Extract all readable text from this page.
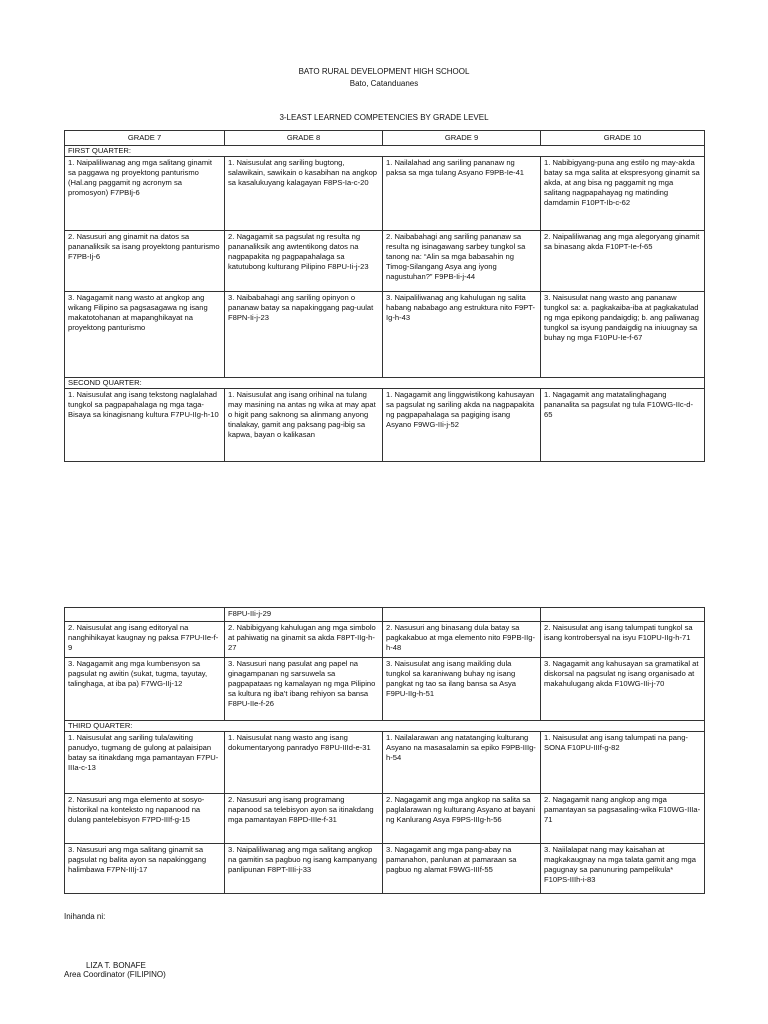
BATO RURAL DEVELOPMENT HIGH SCHOOL
Bato, Catanduanes
3-LEAST LEARNED COMPETENCIES BY GRADE LEVEL
GRADE 7	GRADE 8	GRADE 9	GRADE 10
FIRST QUARTER:			
1. Naipaliliwanag ang mga salitang ginamit sa paggawa ng proyektong panturismo (Hal.ang paggamit ng acronym sa promosyon) F7PBIj-6	1. Naisusulat ang sariling bugtong, salawikain, sawikain o kasabihan na angkop sa kasalukuyang kalagayan F8PS-Ia-c-20	1. Nailalahad ang sariling pananaw ng paksa sa mga tulang Asyano F9PB-Ie-41	1. Nabibigyang-puna ang estilo ng may-akda batay sa mga salita at ekspresyong ginamit sa akda, at ang bisa ng paggamit ng mga salitang nagpapahayag ng matinding damdamin F10PT-Ib-c-62
2. Nasusuri ang ginamit na datos sa pananaliksik sa isang proyektong panturismo F7PB-Ij-6	2. Nagagamit sa pagsulat ng resulta ng pananaliksik ang awtentikong datos na nagpapakita ng pagpapahalaga sa katutubong kulturang Pilipino F8PU-Ii-j-23	2. Naibabahagi ang sariling pananaw sa resulta ng isinagawang sarbey tungkol sa tanong na: “Alin sa mga babasahin ng Timog-Silangang Asya ang iyong nagustuhan?” F9PB-Ii-j-44	2. Naipaliliwanag ang mga alegoryang ginamit sa binasang akda F10PT-Ie-f-65
3. Nagagamit nang wasto at angkop ang wikang Filipino sa pagsasagawa ng isang makatotohanan at mapanghikayat na proyektong panturismo	3. Naibabahagi ang sariling opinyon o pananaw batay sa napakinggang pag-uulat F8PN-Ii-j-23	3. Naipaliliwanag ang kahulugan ng salita habang nababago ang estruktura nito F9PT-Ig-h-43	3. Naisusulat nang wasto ang pananaw tungkol sa: a. pagkakaiba-iba at pagkakatulad ng mga epikong pandaigdig; b. ang paliwanag tungkol sa isyung pandaigdig na iniuugnay sa buhay ng mga F10PU-Ie-f-67
SECOND QUARTER:			
1. Naisusulat ang isang tekstong naglalahad tungkol sa pagpapahalaga ng mga taga-Bisaya sa kinagisnang kultura F7PU-IIg-h-10	1. Naisusulat ang isang orihinal na tulang may masining na antas ng wika at may apat o higit pang saknong sa alinmang anyong tinalakay, gamit ang paksang pag-ibig sa kapwa, bayan o kalikasan	1. Nagagamit ang linggwistikong kahusayan sa pagsulat ng sariling akda na nagpapakita ng pagpapahalaga sa pagiging isang Asyano F9WG-IIi-j-52	1. Nagagamit ang matatalinghagang pananalita sa pagsulat ng tula F10WG-IIc-d-65
	F8PU-IIi-j-29		
2. Naisusulat ang isang editoryal na nanghihikayat kaugnay ng paksa F7PU-IIe-f-9	2. Nabibigyang kahulugan ang mga simbolo at pahiwatig na ginamit sa akda F8PT-IIg-h-27	2. Nasusuri ang binasang dula batay sa pagkakabuo at mga elemento nito F9PB-IIg-h-48	2. Naisusulat ang isang talumpati tungkol sa isang kontrobersyal na isyu F10PU-IIg-h-71
3. Nagagamit ang mga kumbensyon sa pagsulat ng awitin (sukat, tugma, tayutay, talinghaga, at iba pa) F7WG-IIj-12	3. Nasusuri nang pasulat ang papel na ginagampanan ng sarsuwela sa pagpapataas ng kamalayan ng mga Pilipino sa kultura ng iba’t ibang rehiyon sa bansa F8PU-IIe-f-26	3. Naisusulat ang isang maikling dula tungkol sa karaniwang buhay ng isang pangkat ng tao sa ilang bansa sa Asya F9PU-IIg-h-51	3. Nagagamit ang kahusayan sa gramatikal at diskorsal na pagsulat ng isang organisado at makahulugang akda F10WG-IIi-j-70
THIRD QUARTER:			
1. Naisusulat ang sariling tula/awiting panudyo, tugmang de gulong at palaisipan batay sa itinakdang mga pamantayan F7PU-IIIa-c-13	1. Naisusulat nang wasto ang isang dokumentaryong panradyo F8PU-IIId-e-31	1. Nailalarawan ang natatanging kulturang Asyano na masasalamin sa epiko F9PB-IIIg-h-54	1. Naisusulat ang isang talumpati na pang-SONA F10PU-IIIf-g-82
2. Nasusuri ang mga elemento at sosyo-historikal na konteksto ng napanood na dulang pantelebisyon F7PD-IIIf-g-15	2. Nasusuri ang isang programang napanood sa telebisyon ayon sa itinakdang mga pamantayan F8PD-IIIe-f-31	2. Nagagamit ang mga angkop na salita sa paglalarawan ng kulturang Asyano at bayani ng Kanlurang Asya F9PS-IIIg-h-56	2. Nagagamit nang angkop ang mga pamantayan sa pagsasaling-wika F10WG-IIIa-71
3. Nasusuri ang mga salitang ginamit sa pagsulat ng balita ayon sa napakinggang halimbawa F7PN-IIIj-17	3. Naipaliliwanag ang mga salitang angkop na gamitin sa pagbuo ng isang kampanyang panlipunan F8PT-IIIi-j-33	3. Nagagamit ang mga pang-abay na pamanahon, panlunan at pamaraan sa pagbuo ng alamat F9WG-IIIf-55	3. Naiilalapat nang may kaisahan at magkakaugnay na mga talata gamit ang mga pagugnay sa panunuring pampelikula* F10PS-IIIh-i-83
Inihanda ni:
LIZA T. BONAFE
Area Coordinator (FILIPINO)
